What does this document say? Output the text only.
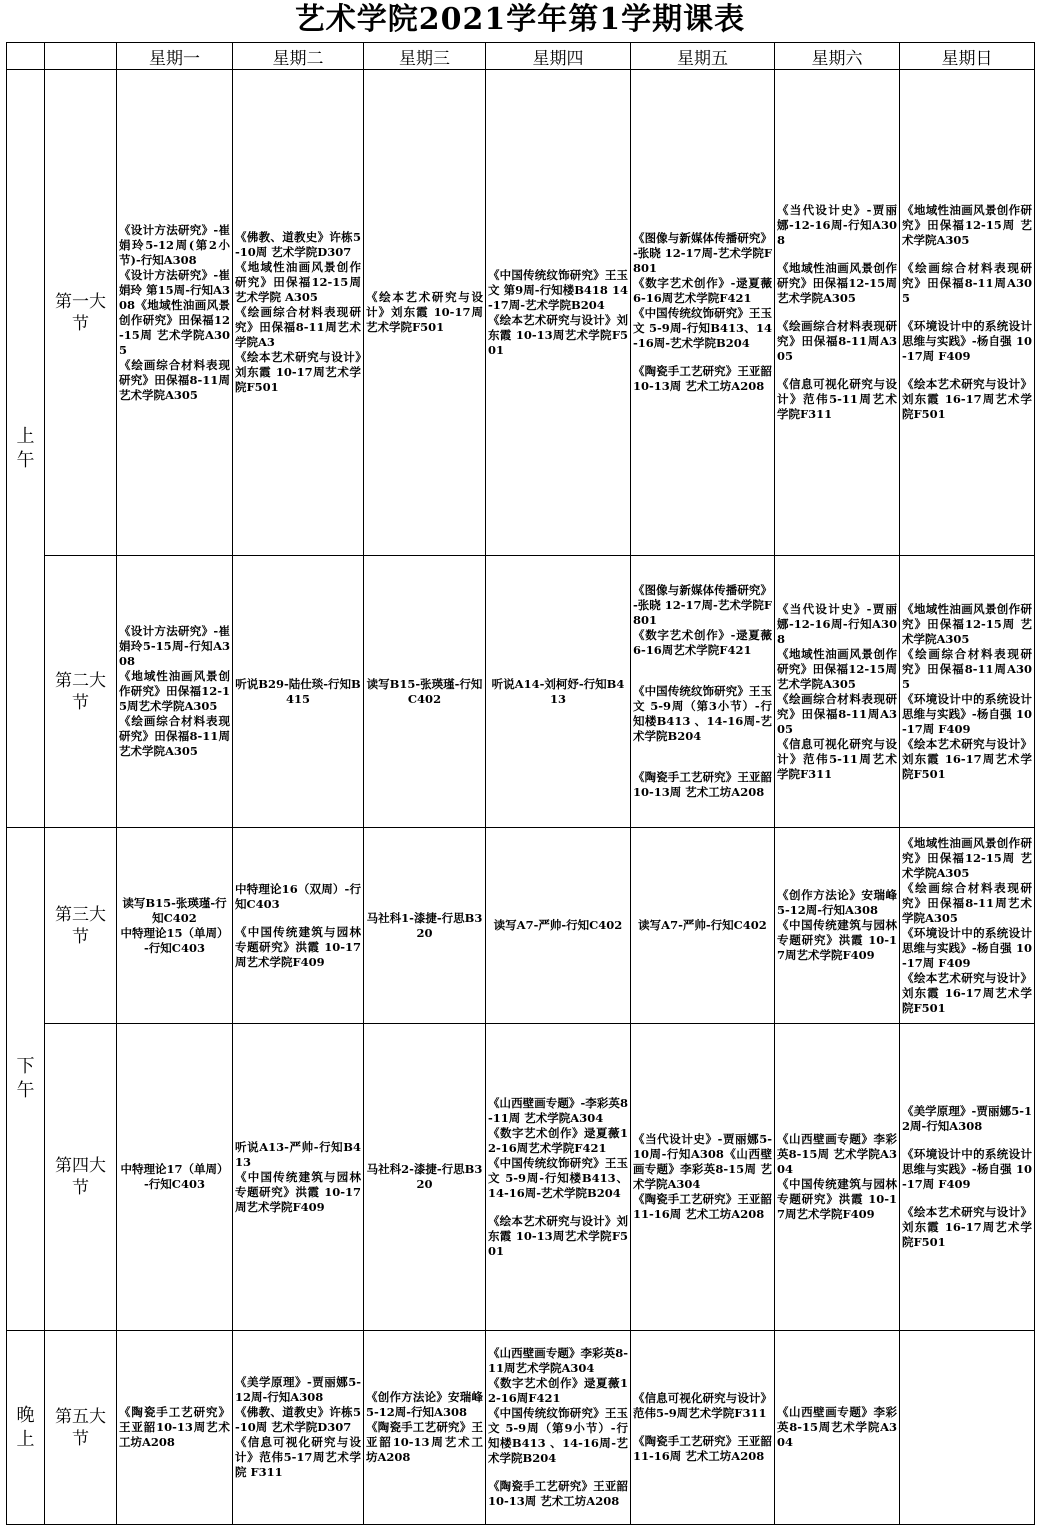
艺术学院2021学年第1学期课表
		星期一	星期二	星期三	星期四	星期五	星期六	星期日
上午	第一大节	《设计方法研究》-崔娟玲5-12周(第2小节)-行知A308
《设计方法研究》-崔娟玲 第15周-行知A308《地域性油画风景创作研究》田保福12-15周 艺术学院A305
《绘画综合材料表现研究》田保福8-11周 艺术学院A305	《佛教、道教史》许栋5-10周 艺术学院D307
《地域性油画风景创作研究》田保福12-15周艺术学院 A305
《绘画综合材料表现研究》田保福8-11周艺术学院A3
《绘本艺术研究与设计》刘东霞 10-17周艺术学院F501	《绘本艺术研究与设计》刘东霞 10-17周艺术学院F501	《中国传统纹饰研究》王玉文 第9周-行知楼B418 14-17周-艺术学院B204
《绘本艺术研究与设计》刘东霞 10-13周艺术学院F501	《图像与新媒体传播研究》-张晓 12-17周-艺术学院F801
《数字艺术创作》-逯夏薇 6-16周艺术学院F421
《中国传统纹饰研究》王玉文 5-9周-行知B413、14-16周-艺术学院B204
《陶瓷手工艺研究》王亚韶10-13周 艺术工坊A208	《当代设计史》-贾丽娜-12-16周-行知A308
《地域性油画风景创作研究》田保福12-15周 艺术学院A305
《绘画综合材料表现研究》田保福8-11周A305
《信息可视化研究与设计》范伟5-11周艺术学院F311	《地域性油画风景创作研究》田保福12-15周 艺术学院A305
《绘画综合材料表现研究》田保福8-11周A305
《环境设计中的系统设计思维与实践》-杨自强 10-17周 F409
《绘本艺术研究与设计》刘东霞 16-17周艺术学院F501

	第二大节	《设计方法研究》-崔娟玲5-15周-行知A308
《地域性油画风景创作研究》田保福12-15周艺术学院A305
《绘画综合材料表现研究》田保福8-11周 艺术学院A305	听说B29-陆仕琰-行知B415	读写B15-张瑛瑾-行知C402	听说A14-刘柯妤-行知B413	《图像与新媒体传播研究》-张晓 12-17周-艺术学院F801
《数字艺术创作》-逯夏薇6-16周艺术学院F421
《中国传统纹饰研究》王玉文 5-9周（第3小节）-行知楼B413 、14-16周-艺术学院B204
《陶瓷手工艺研究》王亚韶10-13周 艺术工坊A208	《当代设计史》-贾丽娜-12-16周-行知A308
《地域性油画风景创作研究》田保福12-15周 艺术学院A305
《绘画综合材料表现研究》田保福8-11周A305
《信息可视化研究与设计》范伟5-11周艺术学院F311	《地域性油画风景创作研究》田保福12-15周 艺术学院A305
《绘画综合材料表现研究》田保福8-11周A305
《环境设计中的系统设计思维与实践》-杨自强 10-17周 F409
《绘本艺术研究与设计》刘东霞 16-17周艺术学院F501

下午	第三大节	读写B15-张瑛瑾-行知C402
中特理论15（单周）-行知C403	中特理论16（双周）-行知C403
《中国传统建筑与园林专题研究》洪霞 10-17周艺术学院F409	马社科1-漆捷-行思B320	读写A7-严帅-行知C402	读写A7-严帅-行知C402	《创作方法论》安瑞峰 5-12周-行知A308
《中国传统建筑与园林专题研究》洪霞 10-17周艺术学院F409	《地域性油画风景创作研究》田保福12-15周 艺术学院A305
《绘画综合材料表现研究》田保福8-11周艺术学院A305
《环境设计中的系统设计思维与实践》-杨自强 10-17周 F409
《绘本艺术研究与设计》刘东霞 16-17周艺术学院F501

	第四大节	中特理论17（单周）-行知C403	听说A13-严帅-行知B413
《中国传统建筑与园林专题研究》洪霞 10-17周艺术学院F409	马社科2-漆捷-行思B320	《山西壁画专题》-李彩英8-11周 艺术学院A304
《数字艺术创作》逯夏薇12-16周艺术学院F421
《中国传统纹饰研究》王玉文 5-9周-行知楼B413、14-16周-艺术学院B204
《绘本艺术研究与设计》刘东霞 10-13周艺术学院F501	《当代设计史》-贾丽娜5-10周-行知A308《山西壁画专题》李彩英8-15周 艺术学院A304
《陶瓷手工艺研究》王亚韶11-16周 艺术工坊A208	《山西壁画专题》李彩英8-15周 艺术学院A304
《中国传统建筑与园林专题研究》洪霞 10-17周艺术学院F409	《美学原理》-贾丽娜5-12周-行知A308
《环境设计中的系统设计思维与实践》-杨自强 10-17周 F409
《绘本艺术研究与设计》刘东霞 16-17周艺术学院F501

晚上	第五大节	《陶瓷手工艺研究》王亚韶10-13周艺术工坊A208	《美学原理》-贾丽娜5-12周-行知A308
《佛教、道教史》许栋5-10周 艺术学院D307
《信息可视化研究与设计》范伟5-17周艺术学院 F311	《创作方法论》安瑞峰 5-12周-行知A308
《陶瓷手工艺研究》王亚韶10-13周艺术工坊A208	《山西壁画专题》李彩英8-11周艺术学院A304
《数字艺术创作》逯夏薇12-16周F421
《中国传统纹饰研究》王玉文 5-9周（第9小节）-行知楼B413 、14-16周-艺术学院B204
《陶瓷手工艺研究》王亚韶10-13周 艺术工坊A208	《信息可视化研究与设计》范伟5-9周艺术学院F311
《陶瓷手工艺研究》王亚韶11-16周 艺术工坊A208	《山西壁画专题》李彩英8-15周艺术学院A304	
